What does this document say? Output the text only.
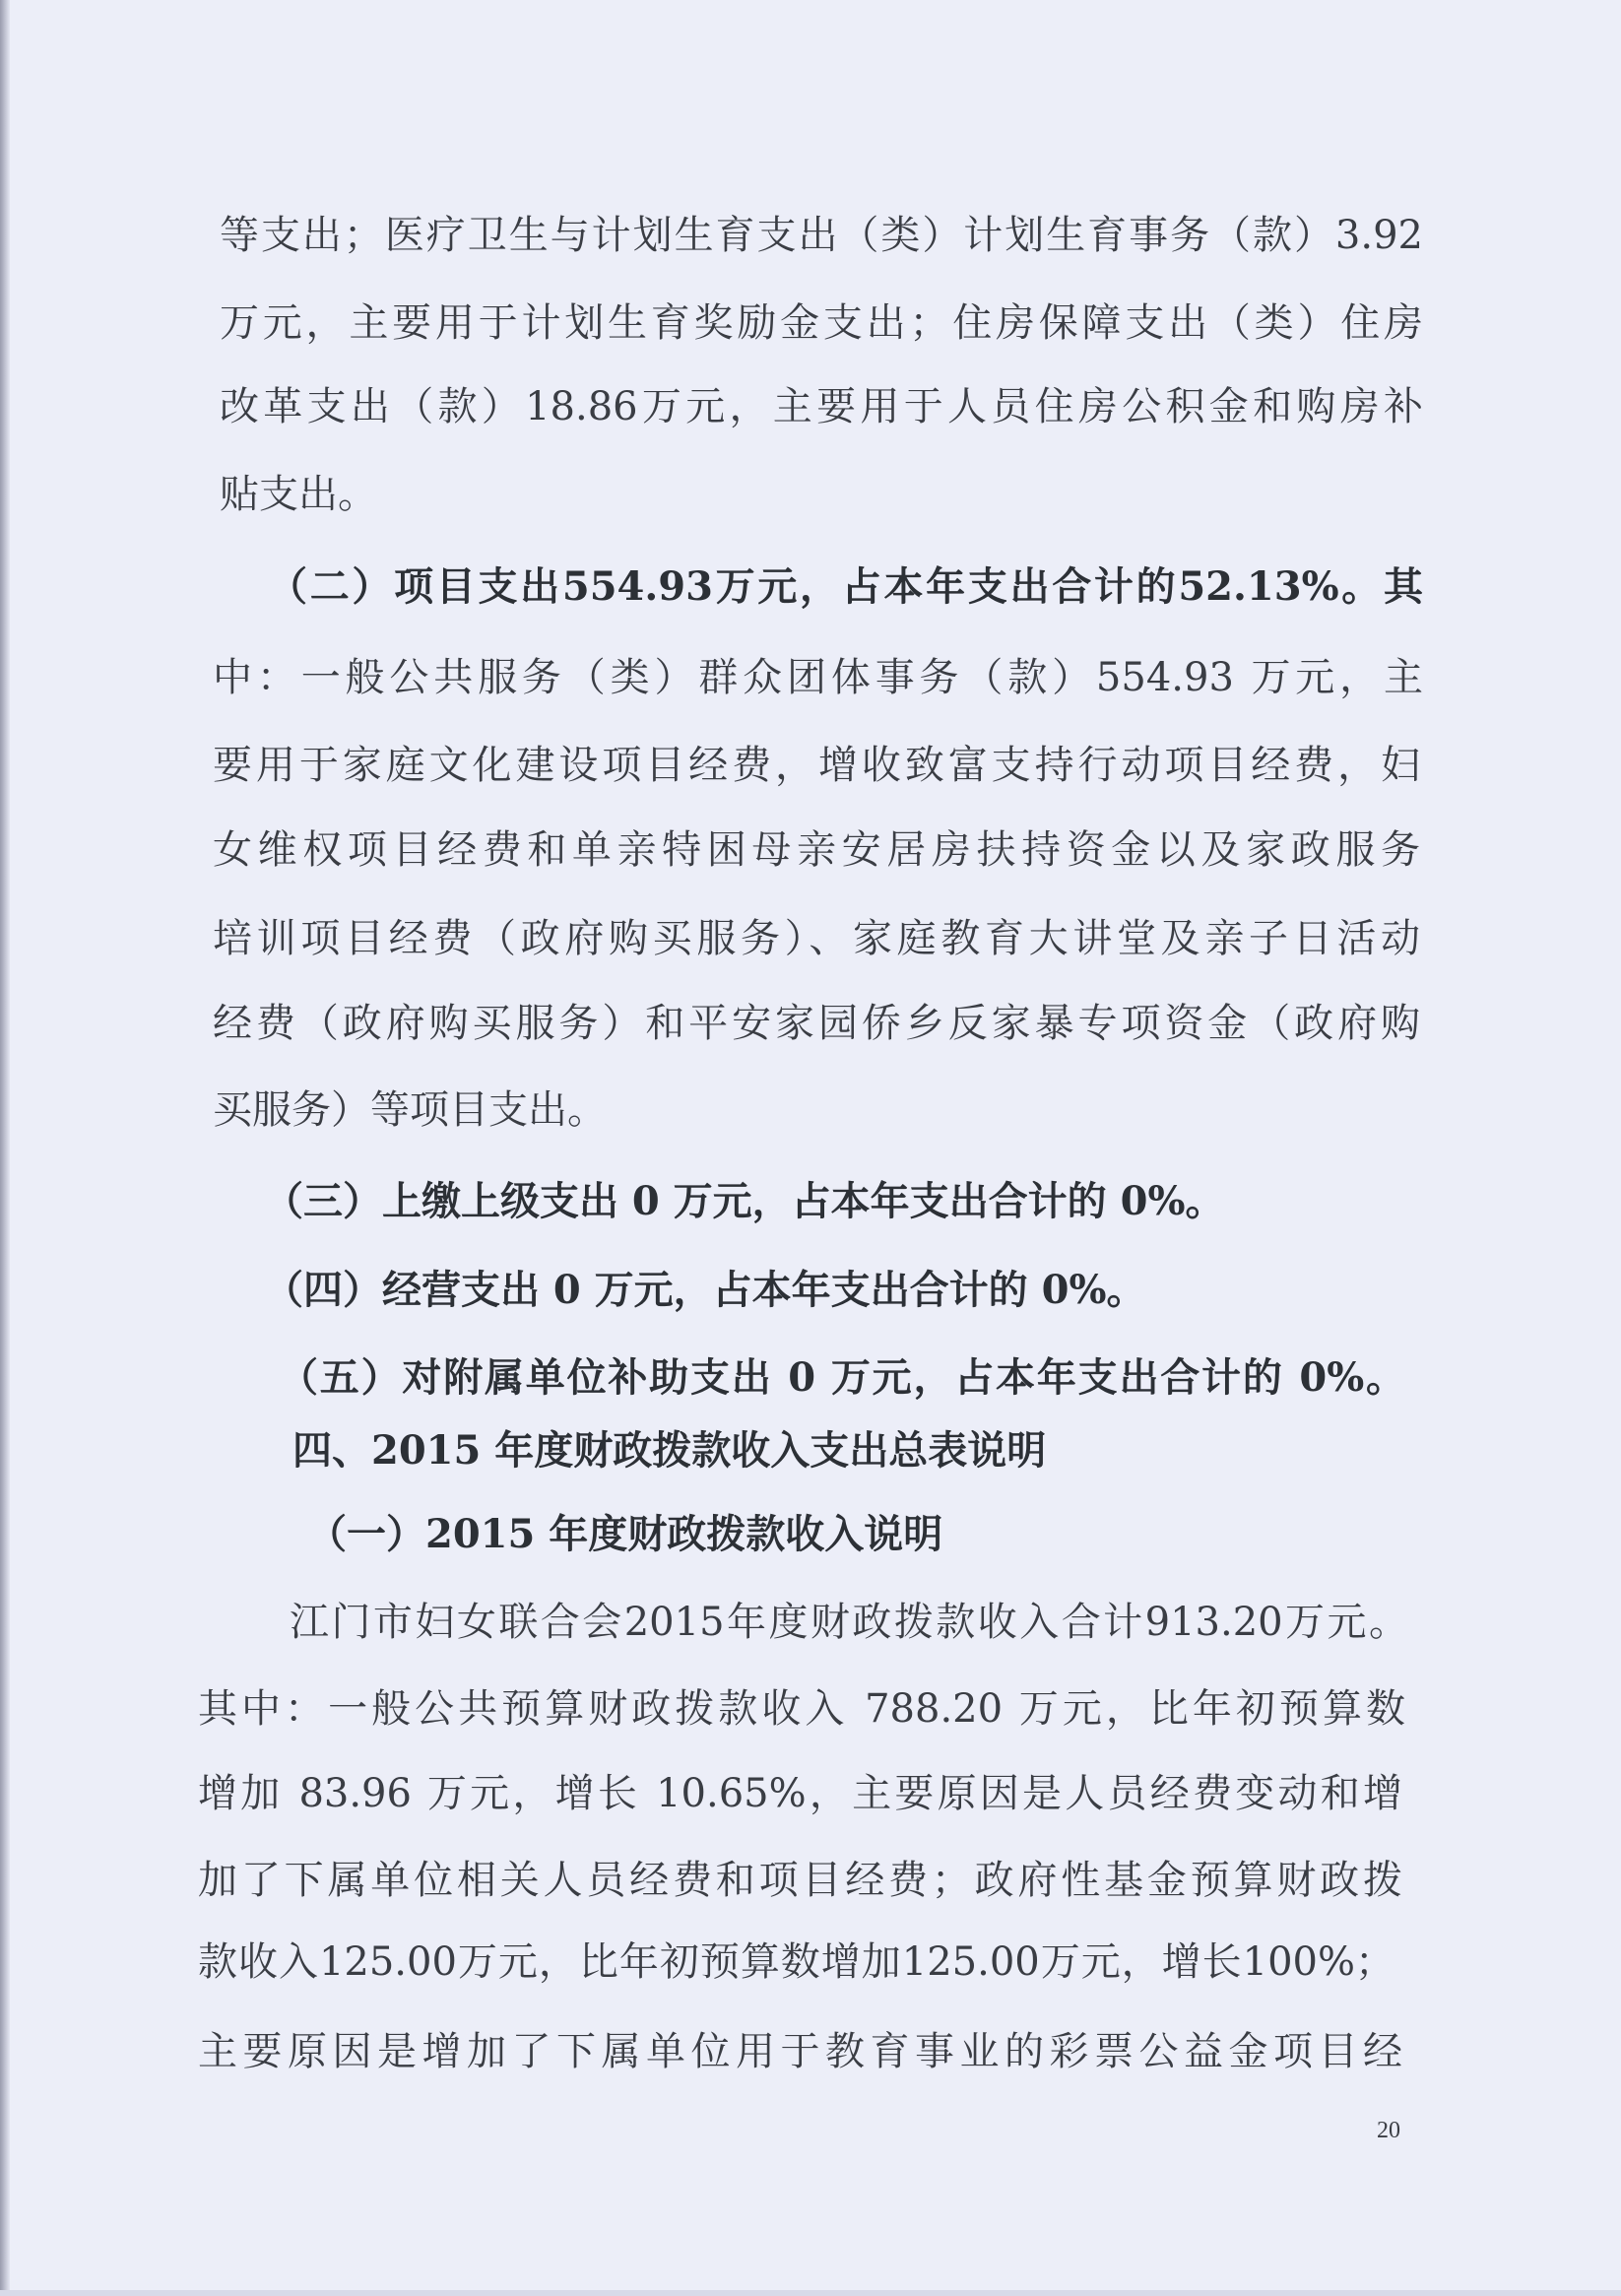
等支出；医疗卫生与计划生育支出（类）计划生育事务（款）3.92
万元，主要用于计划生育奖励金支出；住房保障支出（类）住房
改革支出（款）18.86万元，主要用于人员住房公积金和购房补
贴支出。
（二）项目支出554.93万元，占本年支出合计的52.13%。其
中：一般公共服务（类）群众团体事务（款）554.93 万元，主
要用于家庭文化建设项目经费，增收致富支持行动项目经费，妇
女维权项目经费和单亲特困母亲安居房扶持资金以及家政服务
培训项目经费（政府购买服务）、家庭教育大讲堂及亲子日活动
经费（政府购买服务）和平安家园侨乡反家暴专项资金（政府购
买服务）等项目支出。
（三）上缴上级支出 0 万元，占本年支出合计的 0%。
（四）经营支出 0 万元，占本年支出合计的 0%。
（五）对附属单位补助支出 0 万元，占本年支出合计的 0%。
四、2015 年度财政拨款收入支出总表说明
（一）2015 年度财政拨款收入说明
江门市妇女联合会2015年度财政拨款收入合计913.20万元。
其中：一般公共预算财政拨款收入 788.20 万元，比年初预算数
增加 83.96 万元，增长 10.65%，主要原因是人员经费变动和增
加了下属单位相关人员经费和项目经费；政府性基金预算财政拨
款收入125.00万元，比年初预算数增加125.00万元，增长100%；
主要原因是增加了下属单位用于教育事业的彩票公益金项目经
20
